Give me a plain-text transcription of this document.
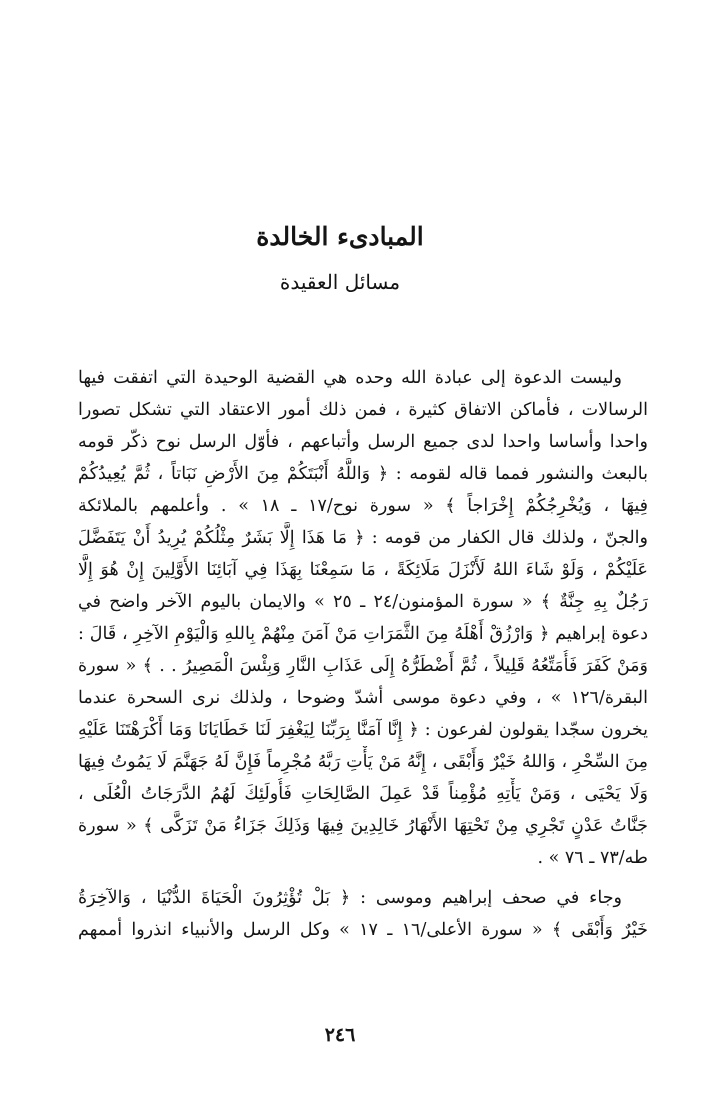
المبادىء الخالدة
مسائل العقيدة
وليست الدعوة إلى عبادة الله وحده هي القضية الوحيدة التي اتفقت فيها
الرسالات ، فأماكن الاتفاق كثيرة ، فمن ذلك أمور الاعتقاد التي تشكل تصورا
واحدا وأساسا واحدا لدى جميع الرسل وأتباعهم ، فأوّل الرسل نوح ذكّر قومه
بالبعث والنشور فمما قاله لقومه : ﴿ وَاللَّهُ أَنْبَتَكُمْ مِنَ الأَرْضِ نَبَاتاً ، ثُمَّ يُعِيدُكُمْ
فِيهَا ، وَيُخْرِجُكُمْ إِخْرَاجاً ﴾ « سورة نوح/١٧ ـ ١٨ » . وأعلمهم بالملائكة
والجنّ ، ولذلك قال الكفار من قومه : ﴿ مَا هَذَا إِلَّا بَشَرٌ مِثْلُكُمْ يُرِيدُ أَنْ يَتَفَضَّلَ
عَلَيْكُمْ ، وَلَوْ شَاءَ اللهُ لَأَنْزَلَ مَلَائِكَةً ، مَا سَمِعْنَا بِهَذَا فِي آبَائِنَا الأَوَّلِينَ إِنْ هُوَ إِلَّا
رَجُلٌ بِهِ جِنَّةٌ ﴾ « سورة المؤمنون/٢٤ ـ ٢٥ » والايمان باليوم الآخر واضح في
دعوة إبراهيم ﴿ وَارْزُقْ أَهْلَهُ مِنَ الثَّمَرَاتِ مَنْ آمَنَ مِنْهُمْ بِاللهِ وَالْيَوْمِ الآخِرِ ، قَالَ :
وَمَنْ كَفَرَ فَأُمَتِّعُهُ قَلِيلاً ، ثُمَّ أَضْطَرُّهُ إِلَى عَذَابِ النَّارِ وَبِئْسَ الْمَصِيرُ . . ﴾ « سورة
البقرة/١٢٦ » ، وفي دعوة موسى أشدّ وضوحا ، ولذلك نرى السحرة عندما
يخرون سجّدا يقولون لفرعون : ﴿ إِنَّا آمَنَّا بِرَبِّنَا لِيَغْفِرَ لَنَا خَطَايَانَا وَمَا أَكْرَهْتَنَا عَلَيْهِ
مِنَ السِّحْرِ ، وَاللهُ خَيْرٌ وَأَبْقَى ، إِنَّهُ مَنْ يَأْتِ رَبَّهُ مُجْرِماً فَإِنَّ لَهُ جَهَنَّمَ لَا يَمُوتُ فِيهَا
وَلَا يَحْيَى ، وَمَنْ يَأْتِهِ مُؤْمِناً قَدْ عَمِلَ الصَّالِحَاتِ فَأُولَئِكَ لَهُمُ الدَّرَجَاتُ الْعُلَى ،
جَنَّاتُ عَدْنٍ تَجْرِي مِنْ تَحْتِهَا الأَنْهَارُ خَالِدِينَ فِيهَا وَذَلِكَ جَزَاءُ مَنْ تَزَكَّى ﴾ « سورة
طه/٧٣ ـ ٧٦ » .
وجاء في صحف إبراهيم وموسى : ﴿ بَلْ تُؤْثِرُونَ الْحَيَاةَ الدُّنْيَا ، وَالآخِرَةُ
خَيْرٌ وَأَبْقَى ﴾ « سورة الأعلى/١٦ ـ ١٧ » وكل الرسل والأنبياء انذروا أممهم
٢٤٦
